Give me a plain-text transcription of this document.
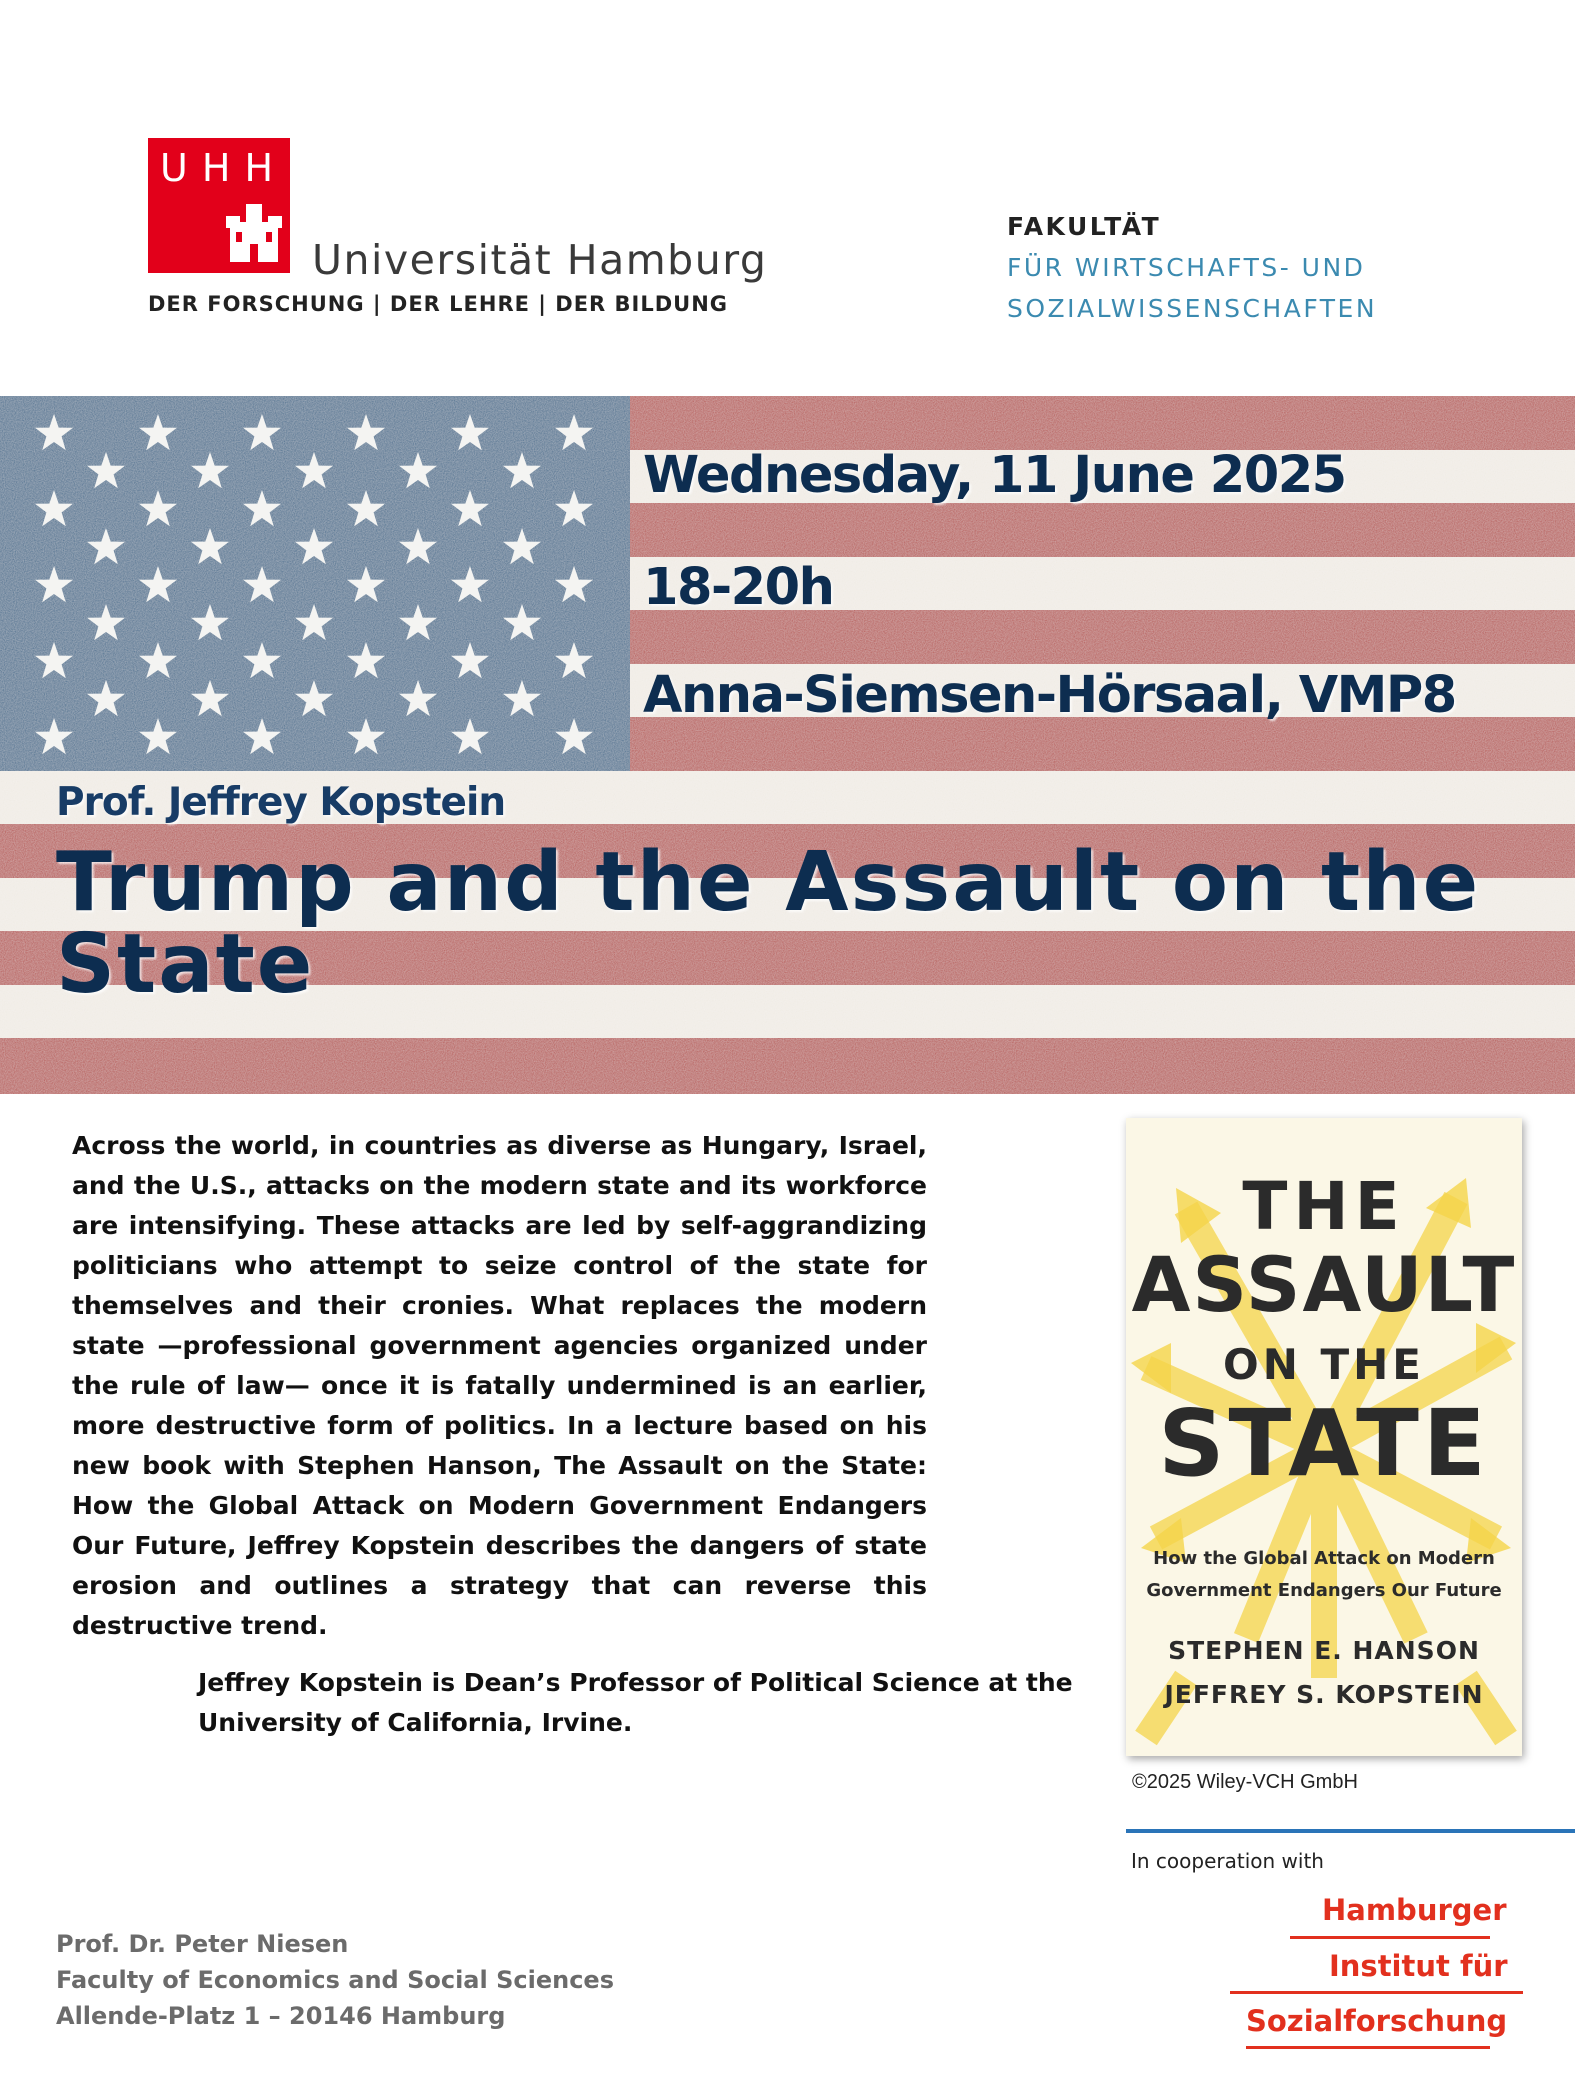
U H H
Universität Hamburg
DER FORSCHUNG | DER LEHRE | DER BILDUNG
FAKULTÄT
FÜR WIRTSCHAFTS- UND
SOZIALWISSENSCHAFTEN
Wednesday, 11 June 2025
18-20h
Anna-Siemsen-Hörsaal, VMP8
Prof. Jeffrey Kopstein
Trump and the Assault on the State
Across the world, in countries as diverse as Hungary, Israel, and the U.S., attacks on the modern state and its workforce are intensifying. These attacks are led by self-aggrandizing politicians who attempt to seize control of the state for themselves and their cronies. What replaces the modern state —professional government agencies organized under the rule of law— once it is fatally undermined is an earlier, more destructive form of politics. In a lecture based on his new book with Stephen Hanson, The Assault on the State: How the Global Attack on Modern Government Endangers Our Future, Jeffrey Kopstein describes the dangers of state erosion and outlines a strategy that can reverse this destructive trend.
Jeffrey Kopstein is Dean’s Professor of Political Science at the University of California, Irvine.
THE
ASSAULT
ON THE
STATE
How the Global Attack on Modern
Government Endangers Our Future
STEPHEN E. HANSON
JEFFREY S. KOPSTEIN
©2025 Wiley-VCH GmbH
In cooperation with
Hamburger
Institut für
Sozialforschung
Prof. Dr. Peter Niesen
Faculty of Economics and Social Sciences
Allende-Platz 1 – 20146 Hamburg
